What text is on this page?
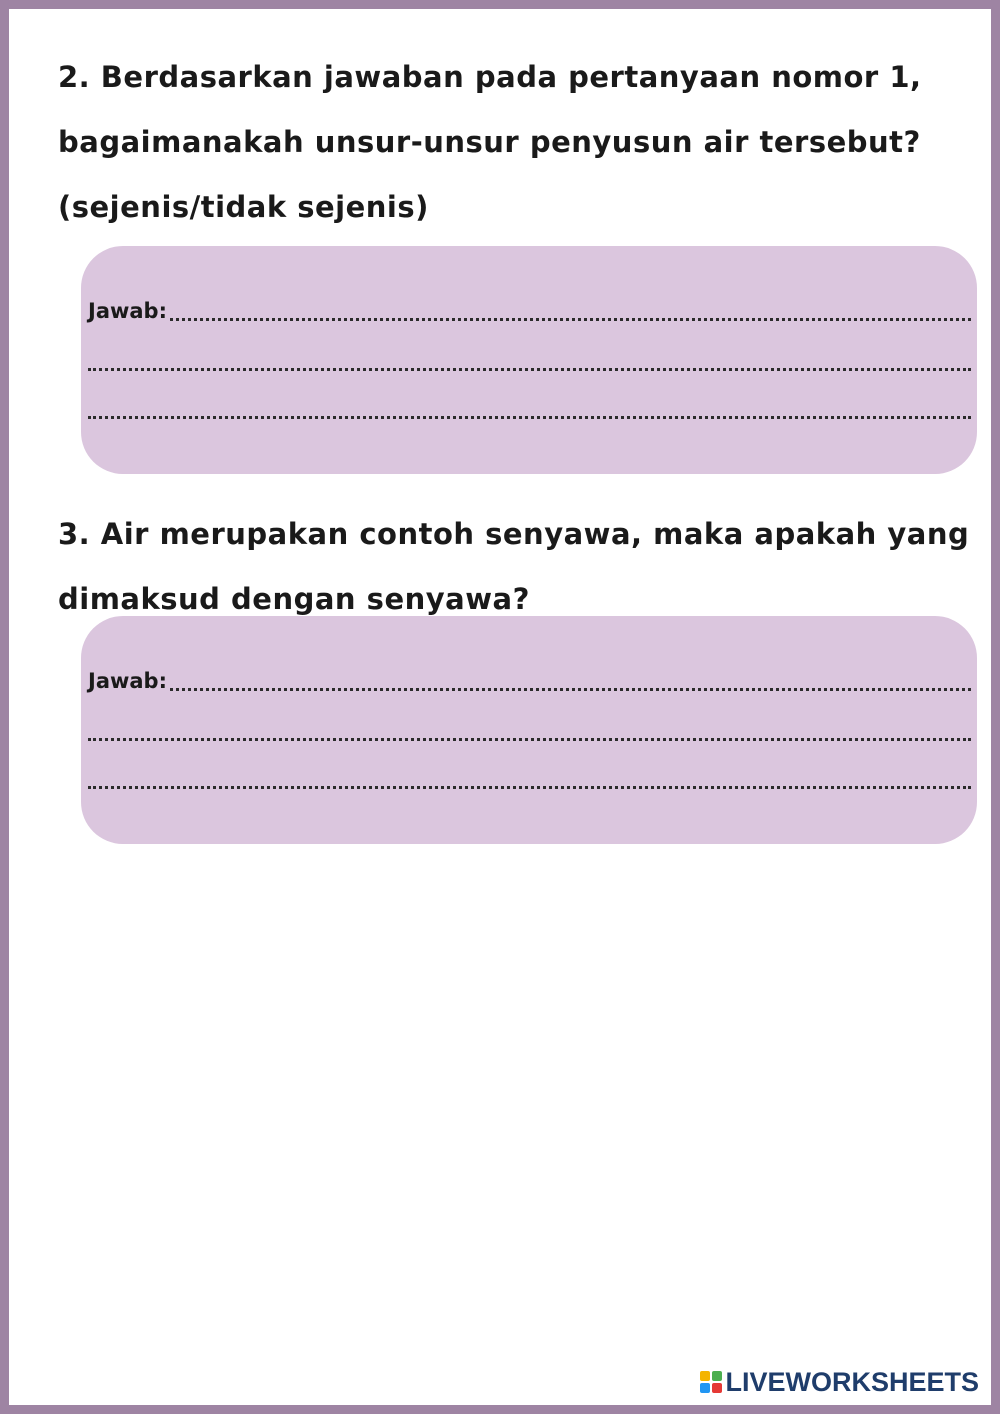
2. Berdasarkan jawaban pada pertanyaan nomor 1,
bagaimanakah unsur-unsur penyusun air tersebut?
(sejenis/tidak sejenis)
Jawab:
3. Air merupakan contoh senyawa, maka apakah yang
dimaksud dengan senyawa?
Jawab:
LIVEWORKSHEETS
